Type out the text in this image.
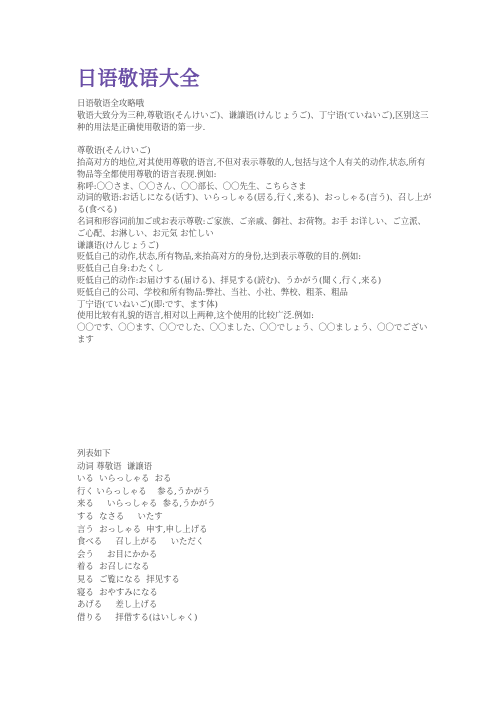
日语敬语大全
日语敬语全攻略哦
敬语大致分为三种,尊敬语(そんけいご)、谦讓语(けんじょうご)、丁宁语(ていねいご),区别这三种的用法是正确使用敬语的第一步.
尊敬语(そんけいご)
抬高对方的地位,对其使用尊敬的语言,不但对表示尊敬的人,包括与这个人有关的动作,状态,所有物品等全都使用尊敬的语言表现.例如:
称呼:〇〇さま、〇〇さん、〇〇部长、〇〇先生、こちらさま
动词的敬语:お话しになる(话す)、いらっしゃる(居る,行く,来る)、おっしゃる(言う)、召し上がる(食べる)
名词和形容词前加ご或お表示尊敬:ご家族、ご亲戚、御社、お荷物。お手 お详しい、ご立派、ご心配、お淋しい、お元気 お忙しい
谦讓语(けんじょうご)
贬低自己的动作,状态,所有物品,来抬高对方的身份,达到表示尊敬的目的.例如:
贬低自己自身:わたくし
贬低自己的动作:お届けする(届ける)、拝見する(読む)、うかがう(聞く,行く,来る)
贬低自己的公司、学校和所有物品:弊社、当社、小社、弊校、粗茶、粗品
丁宁语(ていねいご)(即:です、ます体)
使用比较有礼貌的语言,相对以上两种,这个使用的比较广泛.例如:
〇〇です、〇〇ます、〇〇でした、〇〇ました、〇〇でしょう、〇〇ましょう、〇〇でございます
列表如下
动词 尊敬语  谦譲语
いる  いらっしゃる  おる
行く いらっしゃる    参る,うかがう
来る     いらっしゃる  参る,うかがう
する  なさる     いたす
言う  おっしゃる  申す,申し上げる
食べる     召し上がる     いただく
会う     お目にかかる
着る  お召しになる
見る  ご覧になる  拝见する
寝る  おやすみになる
あげる     差し上げる
借りる     拝借する(はいしゃく)
